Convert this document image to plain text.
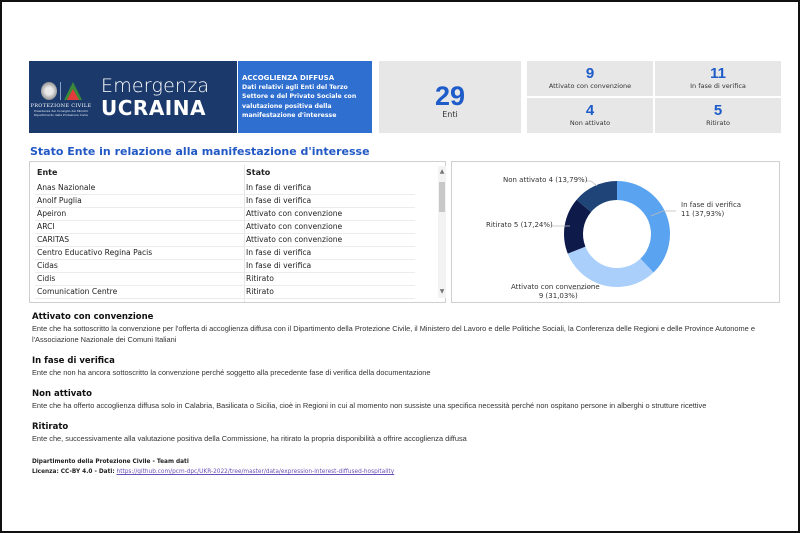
PROTEZIONE CIVILE
Presidenza del Consiglio dei Ministri
Dipartimento della Protezione Civile
Emergenza
UCRAINA
ACCOGLIENZA DIFFUSA
Dati relativi agli Enti del Terzo Settore e del Privato Sociale con valutazione positiva della manifestazione d'interesse
29
Enti
9
Attivato con convenzione
11
In fase di verifica
4
Non attivato
5
Ritirato
Stato Ente in relazione alla manifestazione d'interesse
Ente	Stato
Anas Nazionale	In fase di verifica
Anolf Puglia	In fase di verifica
Apeiron	Attivato con convenzione
ARCI	Attivato con convenzione
CARITAS	Attivato con convenzione
Centro Educativo Regina Pacis	In fase di verifica
Cidas	In fase di verifica
Cidis	Ritirato
Comunication Centre	Ritirato
▲
▼
In fase di verifica
11 (37,93%)
Attivato con convenzione
9 (31,03%)
Ritirato 5 (17,24%)
Non attivato 4 (13,79%)
Attivato con convenzione
Ente che ha sottoscritto la convenzione per l'offerta di accoglienza diffusa con il Dipartimento della Protezione Civile, il Ministero del Lavoro e delle Politiche Sociali, la Conferenza delle Regioni e delle Province Autonome e l'Associazione Nazionale dei Comuni Italiani
In fase di verifica
Ente che non ha ancora sottoscritto la convenzione perché soggetto alla precedente fase di verifica della documentazione
Non attivato
Ente che ha offerto accoglienza diffusa solo in Calabria, Basilicata o Sicilia, cioè in Regioni in cui al momento non sussiste una specifica necessità perché non ospitano persone in alberghi o strutture ricettive
Ritirato
Ente che, successivamente alla valutazione positiva della Commissione, ha ritirato la propria disponibilità a offrire accoglienza diffusa
Dipartimento della Protezione Civile - Team dati
Licenza: CC-BY 4.0 - Dati: https://github.com/pcm-dpc/UKR-2022/tree/master/data/expression-interest-diffused-hospitality
